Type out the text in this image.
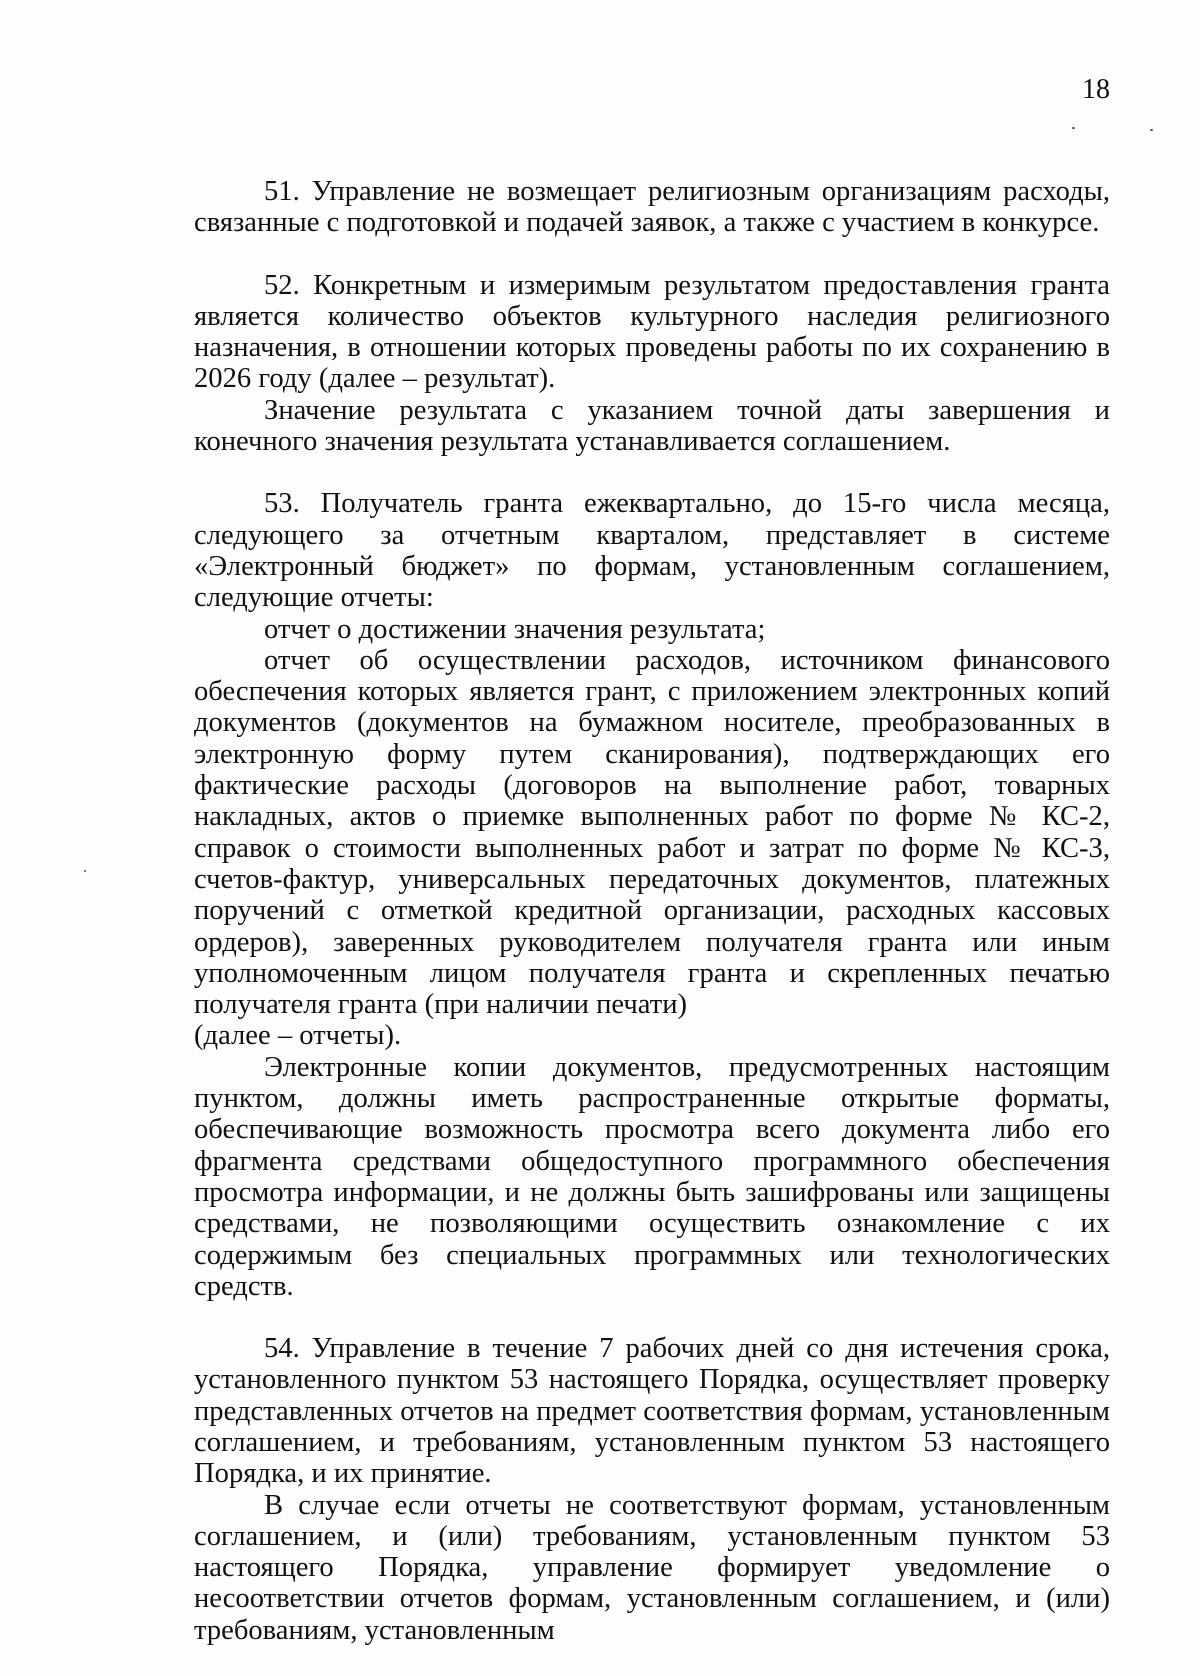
18

51. Управление не возмещает религиозным организациям расходы, связанные с подготовкой и подачей заявок, а также с участием в конкурсе.

52. Конкретным и измеримым результатом предоставления гранта является количество объектов культурного наследия религиозного назначения, в отношении которых проведены работы по их сохранению в 2026 году (далее – результат).

Значение результата с указанием точной даты завершения и конечного значения результата устанавливается соглашением.

53. Получатель гранта ежеквартально, до 15-го числа месяца, следующего за отчетным кварталом, представляет в системе «Электронный бюджет» по формам, установленным соглашением, следующие отчеты:

отчет о достижении значения результата;

отчет об осуществлении расходов, источником финансового обеспечения которых является грант, с приложением электронных копий документов (документов на бумажном носителе, преобразованных в электронную форму путем сканирования), подтверждающих его фактические расходы (договоров на выполнение работ, товарных накладных, актов о приемке выполненных работ по форме № КС-2, справок о стоимости выполненных работ и затрат по форме № КС-3, счетов-фактур, универсальных передаточных документов, платежных поручений с отметкой кредитной организации, расходных кассовых ордеров), заверенных руководителем получателя гранта или иным уполномоченным лицом получателя гранта и скрепленных печатью получателя гранта (при наличии печати)

(далее – отчеты).

Электронные копии документов, предусмотренных настоящим пунктом, должны иметь распространенные открытые форматы, обеспечивающие возможность просмотра всего документа либо его фрагмента средствами общедоступного программного обеспечения просмотра информации, и не должны быть зашифрованы или защищены средствами, не позволяющими осуществить ознакомление с их содержимым без специальных программных или технологических средств.

54. Управление в течение 7 рабочих дней со дня истечения срока, установленного пунктом 53 настоящего Порядка, осуществляет проверку представленных отчетов на предмет соответствия формам, установленным соглашением, и требованиям, установленным пунктом 53 настоящего Порядка, и их принятие.

В случае если отчеты не соответствуют формам, установленным соглашением, и (или) требованиям, установленным пунктом 53 настоящего Порядка, управление формирует уведомление о несоответствии отчетов формам, установленным соглашением, и (или) требованиям, установленным
